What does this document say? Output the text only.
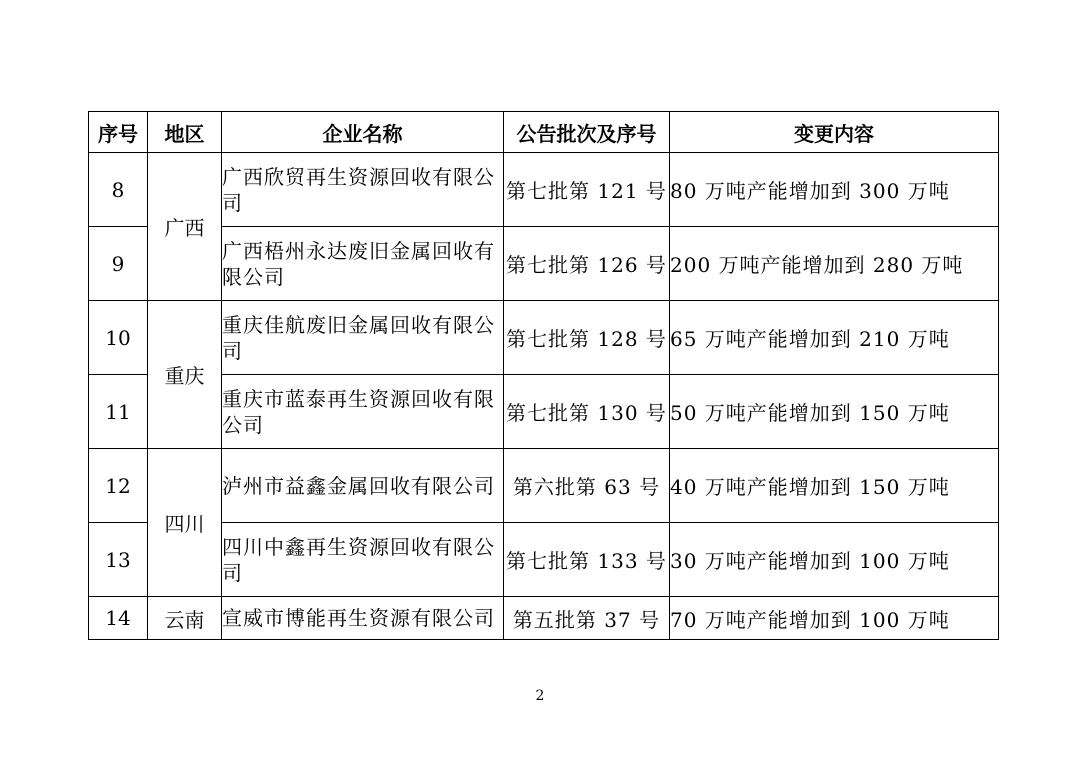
序号	地区	企业名称	公告批次及序号	变更内容
8	广西	广西欣贸再生资源回收有限公司	第七批第 121 号	80 万吨产能增加到 300 万吨
9		广西梧州永达废旧金属回收有限公司	第七批第 126 号	200 万吨产能增加到 280 万吨
10	重庆	重庆佳航废旧金属回收有限公司	第七批第 128 号	65 万吨产能增加到 210 万吨
11		重庆市蓝泰再生资源回收有限公司	第七批第 130 号	50 万吨产能增加到 150 万吨
12	四川	泸州市益鑫金属回收有限公司	第六批第 63 号	40 万吨产能增加到 150 万吨
13		四川中鑫再生资源回收有限公司	第七批第 133 号	30 万吨产能增加到 100 万吨
14	云南	宣威市博能再生资源有限公司	第五批第 37 号	70 万吨产能增加到 100 万吨
2
